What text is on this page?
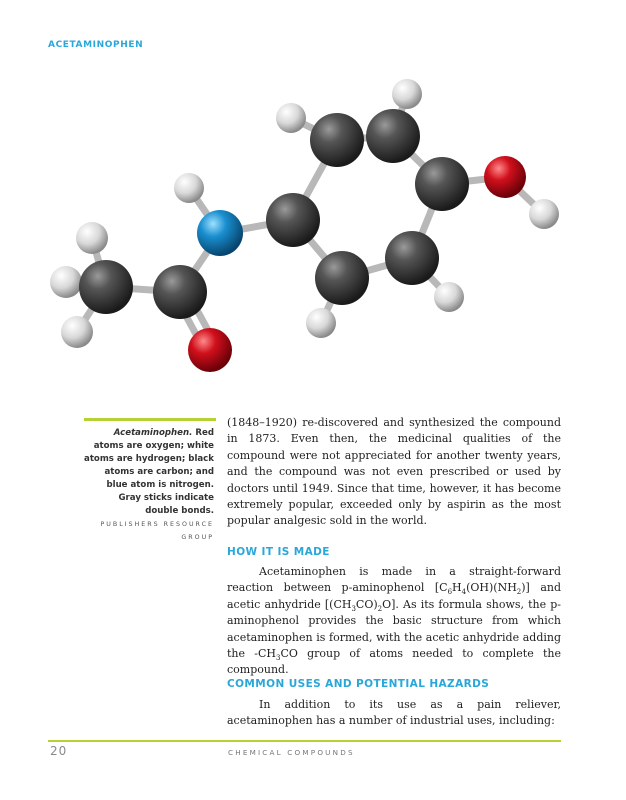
ACETAMINOPHEN
Acetaminophen. Red atoms are oxygen; white atoms are hydrogen; black atoms are carbon; and blue atom is nitrogen. Gray sticks indicate double bonds. PUBLISHERS RESOURCE GROUP
(1848–1920) re-discovered and synthesized the compound in 1873. Even then, the medicinal qualities of the compound were not appreciated for another twenty years, and the compound was not even prescribed or used by doctors until 1949. Since that time, however, it has become extremely popular, exceeded only by aspirin as the most popular analgesic sold in the world.
HOW IT IS MADE
Acetaminophen is made in a straight-forward reaction between p-aminophenol $[C_6H_4(OH)(NH_2)]$ and acetic anhydride $[(CH_3CO)_2O]$. As its formula shows, the p-aminophenol provides the basic structure from which acetaminophen is formed, with the acetic anhydride adding the $-CH_3CO$ group of atoms needed to complete the compound.
COMMON USES AND POTENTIAL HAZARDS
In addition to its use as a pain reliever, acetaminophen has a number of industrial uses, including:
20	CHEMICAL COMPOUNDS
